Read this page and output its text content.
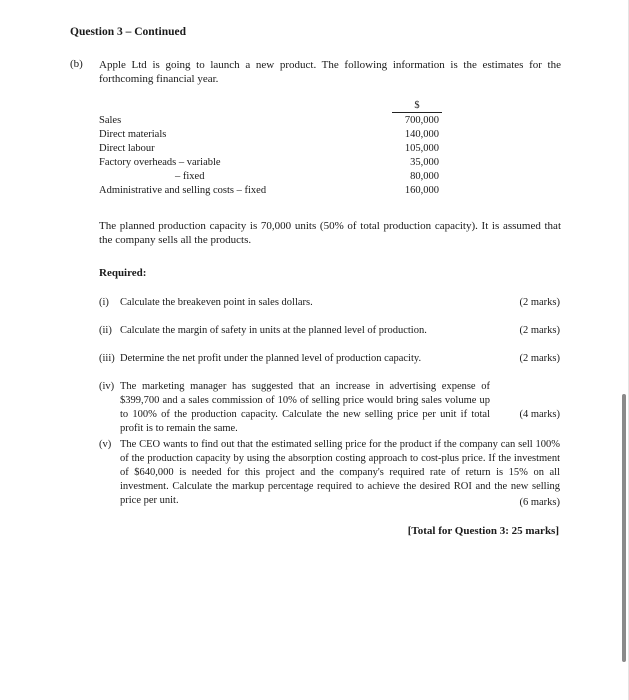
Question 3 – Continued
(b) Apple Ltd is going to launch a new product. The following information is the estimates for the forthcoming financial year.
$
Sales	700,000
Direct materials	140,000
Direct labour	105,000
Factory overheads – variable	35,000
– fixed	80,000
Administrative and selling costs – fixed	160,000
The planned production capacity is 70,000 units (50% of total production capacity). It is assumed that the company sells all the products.
Required:
(i) Calculate the breakeven point in sales dollars.	(2 marks)
(ii) Calculate the margin of safety in units at the planned level of production.	(2 marks)
(iii) Determine the net profit under the planned level of production capacity.	(2 marks)
(iv) The marketing manager has suggested that an increase in advertising expense of $399,700 and a sales commission of 10% of selling price would bring sales volume up to 100% of the production capacity. Calculate the new selling price per unit if total profit is to remain the same.
(4 marks)
(v) The CEO wants to find out that the estimated selling price for the product if the company can sell 100% of the production capacity by using the absorption costing approach to cost-plus price. If the investment of $640,000 is needed for this project and the company's required rate of return is 15% on all investment. Calculate the markup percentage required to achieve the desired ROI and the new selling price per unit.	(6 marks)
[Total for Question 3: 25 marks]
